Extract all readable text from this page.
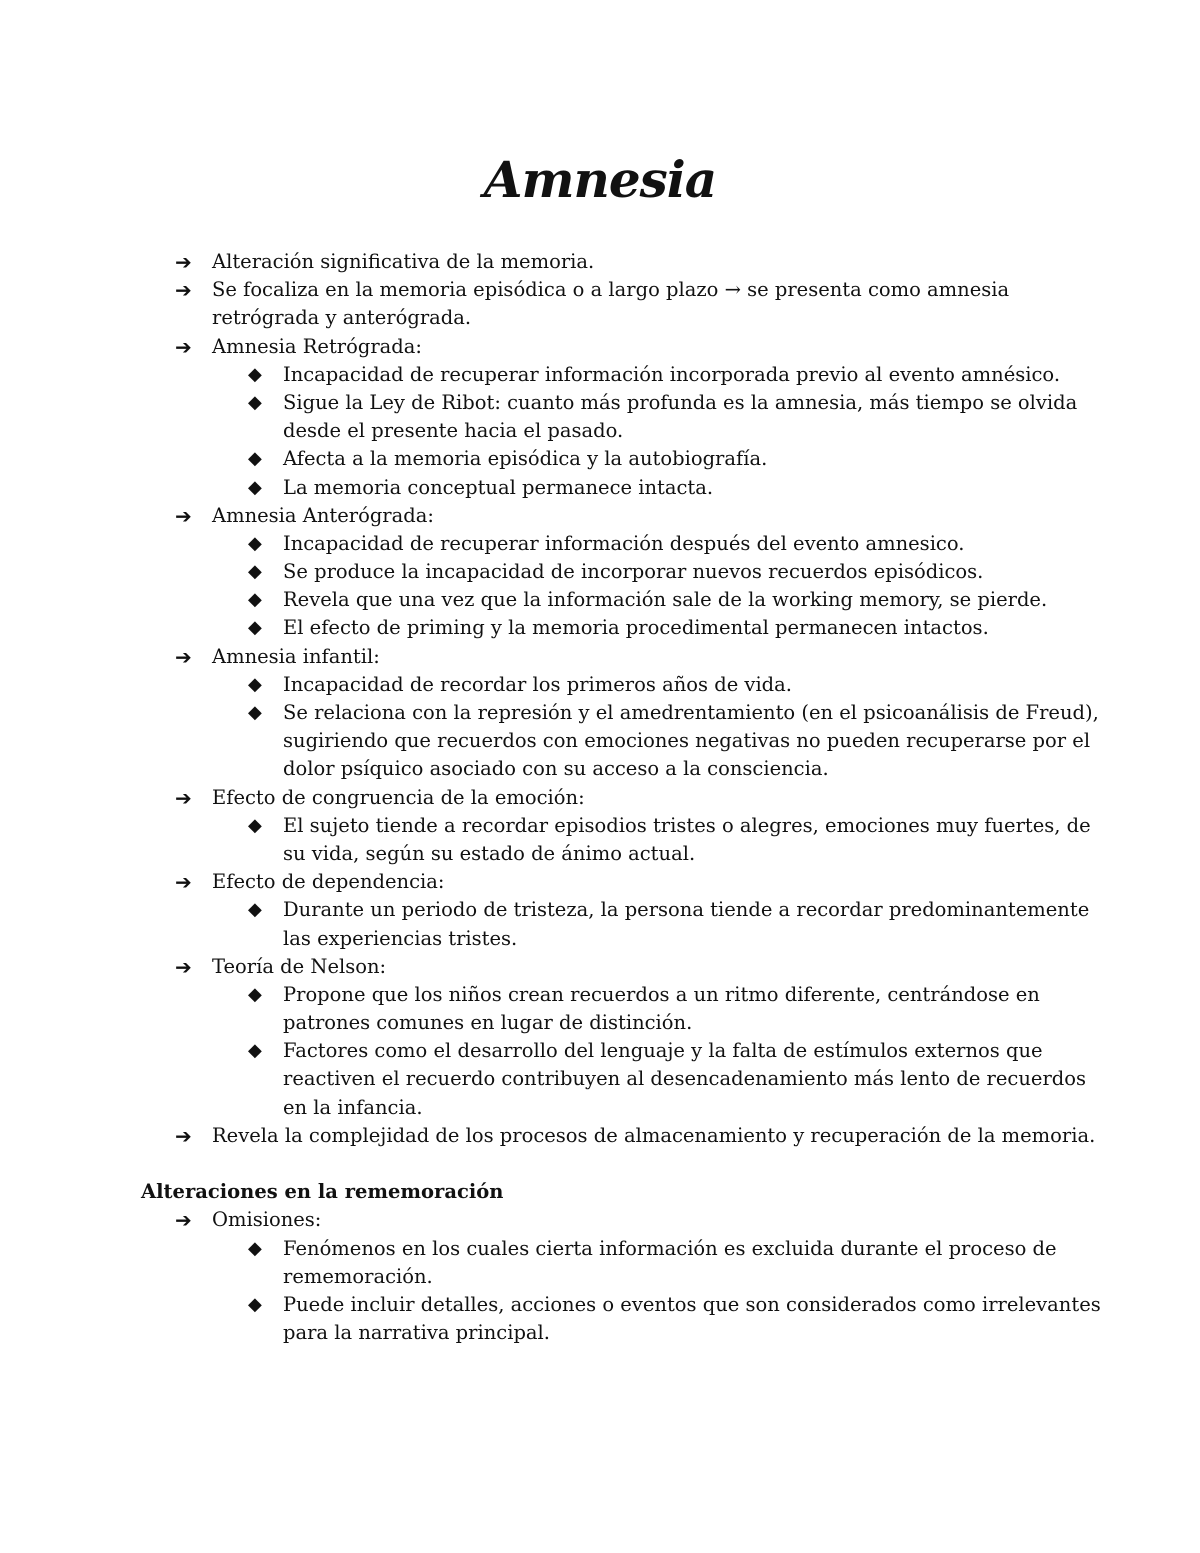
Amnesia
➔ Alteración significativa de la memoria.
➔ Se focaliza en la memoria episódica o a largo plazo → se presenta como amnesia
retrógrada y anterógrada.
➔ Amnesia Retrógrada:
◆ Incapacidad de recuperar información incorporada previo al evento amnésico.
◆ Sigue la Ley de Ribot: cuanto más profunda es la amnesia, más tiempo se olvida
desde el presente hacia el pasado.
◆ Afecta a la memoria episódica y la autobiografía.
◆ La memoria conceptual permanece intacta.
➔ Amnesia Anterógrada:
◆ Incapacidad de recuperar información después del evento amnesico.
◆ Se produce la incapacidad de incorporar nuevos recuerdos episódicos.
◆ Revela que una vez que la información sale de la working memory, se pierde.
◆ El efecto de priming y la memoria procedimental permanecen intactos.
➔ Amnesia infantil:
◆ Incapacidad de recordar los primeros años de vida.
◆ Se relaciona con la represión y el amedrentamiento (en el psicoanálisis de Freud),
sugiriendo que recuerdos con emociones negativas no pueden recuperarse por el
dolor psíquico asociado con su acceso a la consciencia.
➔ Efecto de congruencia de la emoción:
◆ El sujeto tiende a recordar episodios tristes o alegres, emociones muy fuertes, de
su vida, según su estado de ánimo actual.
➔ Efecto de dependencia:
◆ Durante un periodo de tristeza, la persona tiende a recordar predominantemente
las experiencias tristes.
➔ Teoría de Nelson:
◆ Propone que los niños crean recuerdos a un ritmo diferente, centrándose en
patrones comunes en lugar de distinción.
◆ Factores como el desarrollo del lenguaje y la falta de estímulos externos que
reactiven el recuerdo contribuyen al desencadenamiento más lento de recuerdos
en la infancia.
➔ Revela la complejidad de los procesos de almacenamiento y recuperación de la memoria.
Alteraciones en la rememoración
➔ Omisiones:
◆ Fenómenos en los cuales cierta información es excluida durante el proceso de
rememoración.
◆ Puede incluir detalles, acciones o eventos que son considerados como irrelevantes
para la narrativa principal.
